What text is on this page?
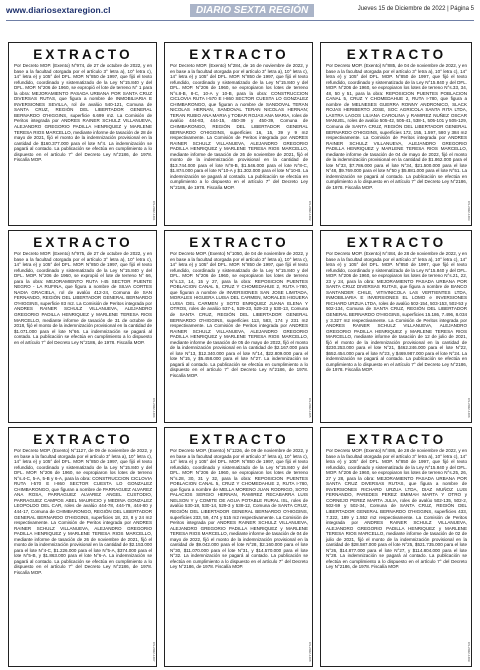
www.diariosextaregion.cl	DIARIO SEXTA REGIÓN	Jueves 15 de Diciembre de 2022 | Página 5
EXTRACTO

Por Decreto MOP. (Exento) N°974, de 27 de octubre de 2022, y en base a la facultad otorgada por el artículo 3° letra a), 10° letra c), 14° letra e) y 105° del DFL. MOP. N°850 de 1997, que fijó el texto refundido, coordinado y sistematizado de la Ley N°15.840 y del DFL. MOP. N°206 de 1960, se expropió el lote de terreno N° 1 para la obra: MEJORAMIENTO PASADA URBANA POR SANTA CRUZ DIVERSAS RUTAS, que figura a nombre de INMOBILIARIA E INVERSIONES SEVILLA, rol de avalúo 540-121, Comuna de SANTA CRUZ, REGIÓN DEL LIBERTADOR GENERAL BERNARDO O'HIGGINS, superficie 6.699 m2. La Comisión de Peritos integrada por ANDRES RAINER SCHULZ VILLANUEVA, ALEJANDRO GREGORIO PADILLA HENRIQUEZ y MARLENE TERESA RIOS MARCELLO, mediante informe de tasación de 28 de mayo de 2021, fijó el monto de la indemnización provisional en la cantidad de $160.377.000 para el lote N°4. La indemnización se pagará al contado. La publicación se efectúa en cumplimiento a lo dispuesto en el artículo 7° del Decreto Ley N°2186, de 1978. Fiscalía MOP.

CS-2022-1401
EXTRACTO

Por Decreto MOP. (Exento) N°284, de 16 de noviembre de 2022, y en base a la facultad otorgada por el artículo 3° letra a), 10° letra c), 14° letra e) y 105° del DFL. MOP. N°850 de 1997, que fijó el texto refundido, coordinado y sistematizado de la Ley N°15.840 y del DFL. MOP. N°206 de 1960, se expropiaron los lotes de terreno N°s.8-B, 8-C, 10-A y 10-B, para la obra: CONSTRUCCION CICLOVIA RUTA I-570 E I-860 SECTOR CUESTA LO GONZALEZ CHIMBARONGO, que figuran a nombre de SANDOVAL TERAN NICOLAS HERNAN, SANDOVAL TERAN NICOLAS HERNAN; TERAN RUBIO ANA MARIA y TOBAR ROJAS ANA MARIA, roles de avalúo 444-83, 444-15, 450-39 y 450-39, Comuna de CHIMBARONGO, REGIÓN DEL LIBERTADOR GENERAL BERNARDO O'HIGGINS, superficies 16, 15, 39 y 9 m2 respectivamente. La Comisión de Peritos integrada por ANDRES RAINER SCHULZ VILLANUEVA, ALEJANDRO GREGORIO PADILLA HENRIQUEZ y MARLENE TERESA RIOS MARCELLO, mediante informe de tasación de 26 de noviembre de 2021, fijó el monto de la indemnización provisional en la cantidad de $13.744.000 para el lote N°8-B, $1.546.000 para el lote N°8-C, $1.874.000 para el lote N°10-A y $1.302.000 para el lote N°10-B. La indemnización se pagará al contado. La publicación se efectúa en cumplimiento a lo dispuesto en el artículo 7° del Decreto Ley N°2186, de 1978. Fiscalía MOP.

CS-2022-1402
EXTRACTO

Por Decreto MOP. (Exento) N°885, de 04 de noviembre de 2022, y en base a la facultad otorgada por el artículo 3° letra a), 10° letra c), 14° letra e) y 105° del DFL. MOP. N°850 de 1997, que fijó el texto refundido, coordinado y sistematizado de la Ley N°15.840 y del DFL. MOP. N°206 de 1960, se expropiaron los lotes de terreno N°s.33, 34, 48, 50 y 51, para la obra: REPOSICION PUENTES POBLACION CANAL 5, CRUZ Y CHOMEDAHUE 2, RUTA I-780, que figura a nombre de MELNESES GUERRA RONNY ANDRONICO, SLACK ROJAS HERIBERTO JOSE, SOC AGRICOLA SANTA RITA LTDA, LASTRA LAGOS LILIANA CAROLINA y RAMIREZ NUÑEZ OSCAR MANUEL, roles de avalúo 505-42, 505-41, 538-1, 505-101 y 505-129, Comuna de SANTA CRUZ, REGIÓN DEL LIBERTADOR GENERAL BERNARDO O'HIGGINS, superficies 172, 155, 1.597, 580 y 384 m2 respectivamente. La Comisión de Peritos integrada por ANDRES RAINER SCHULZ VILLANUEVA, ALEJANDRO GREGORIO PADILLA HENRIQUEZ y MARLENE TERESA RIOS MARCELLO, mediante informe de tasación de 04 de mayo de 2022, fijó el monto de la indemnización provisional en la cantidad de $1.862.000 para el lote N°33, $7.786.000 para el lote N°34, $21.500.000 para el lote N°48, $9.769.000 para el lote N°50 y $5.881.000 para el lote N°51. La indemnización se pagará al contado. La publicación se efectúa en cumplimiento a lo dispuesto en el artículo 7° del Decreto Ley N°2186, de 1978. Fiscalía MOP.

CS-2022-1403
EXTRACTO

Por Decreto MOP. (Exento) N°975, de 27 de octubre de 2022, y en base a la facultad otorgada por el artículo 3° letra a), 10° letra c), 14° letra e) y 105° del DFL. MOP. N°850 de 1997, que fijó el texto refundido, coordinado y sistematizado de la Ley N°15.840 y del DFL. MOP. N°206 de 1960, se expropió el lote de terreno N° 66, para la obra: MEJORAMIENTO RUTA I-45 SECTOR PUENTE NEGRO - LA RUFINA, que figura a nombre de SILVA CORTES NADIA GRACIELA, rol de avalúo 412-24, Comuna de SAN FERNANDO, REGIÓN DEL LIBERTADOR GENERAL BERNARDO O'HIGGINS, superficie 83 m2. La Comisión de Peritos integrada por ANDRES RAINER SCHULZ VILLANUEVA, ALEJANDRO GREGORIO PADILLA HENRIQUEZ y MARLENE TERESA RIOS MARCELLO, mediante informe de tasación de 31 de octubre de 2018, fijó el monto de la indemnización provisional en la cantidad de $1.071.000 para el lote N°66. La indemnización se pagará al contado. La publicación se efectúa en cumplimiento a lo dispuesto en el artículo 7° del Decreto Ley N°2186, de 1978. Fiscalía MOP.

CS-2022-1404
EXTRACTO

Por Decreto MOP. (Exento) N°1050, de 04 de noviembre de 2022, y en base a la facultad otorgada por el artículo 3° letra a), 10° letra c), 14° letra e) y 105° del DFL. MOP. N°850 de 1997, que fijó el texto refundido, coordinado y sistematizado de la Ley N°15.840 y del DFL. MOP. N°206 de 1960, se expropiaron los lotes de terreno N°s.13, 14, 15 y 27, para la obra: REPOSICION PUENTES POBLACION CANAL 5, CRUZ Y CHOMEDAHUE 2, RUTA I-780, que figuran a nombre de INVERSIONES SAN JOSE LIMITADA, MORALES HIGUERA LUISA DEL CARMEN, MORALES HIGUERA LUISA DEL CARMEN y SOTO ENRIQUEZ JUANA ELENA Y OTROS, roles de avalúo 537-1, 529-23, 529-23 y 530-13, Comuna de SANTA CRUZ, REGIÓN DEL LIBERTADOR GENERAL BERNARDO O'HIGGINS, superficies 113, 583, 174 y 231 m2 respectivamente. La Comisión de Peritos integrada por ANDRES RAINER SCHULZ VILLANUEVA, ALEJANDRO GREGORIO PADILLA HENRIQUEZ y MARLENE TERESA RIOS MARCELLO, mediante informe de tasación de 05 de mayo de 2022, fijó el monto de la indemnización provisional en la cantidad de $2.167.000 para el lote N°13, $12.340.000 para el lote N°14, $22.809.000 para el lote N°15, y $5.458.000 para el lote N°27. La indemnización se pagará al contado. La publicación se efectúa en cumplimiento a lo dispuesto en el artículo 7° del Decreto Ley N°2186, de 1978. Fiscalía MOP.

CS-2022-1405
EXTRACTO

Por Decreto MOP. (Exento) N°484, de 28 de noviembre de 2022, y en base a la facultad otorgada por el artículo 3° letra a), 10° letra c), 14° letra e) y 105° del DFL. MOP. N°850 de 1997, que fijó el texto refundido, coordinado y sistematizado de la Ley N°15.840 y del DFL. MOP. N°206 de 1960, se expropiaron los lotes de terreno N°s.21, 22, 23 y 24, para la obra: MEJORAMIENTO PASADA URBANA POR SANTA CRUZ DIVERSAS RUTAS, que figura a nombre de BANCO SANTANDER CHILE, VITIVINICOLA LAS VERTIENTES LTDA, INMOBILIARIA E INVERSIONES EL LOMO e INVERSIONES RICHARD URZUA LTDA, roles de avalúo 502-154, 503-153, 502-53 y 502-134, Comuna de SANTA CRUZ, REGIÓN DEL LIBERTADOR GENERAL BERNARDO O'HIGGINS, superficies 15.186, 7.496, 8.034 y 3.327 m2 respectivamente. La Comisión de Peritos integrada por ANDRES RAINER SCHULZ VILLANUEVA, ALEJANDRO GREGORIO PADILLA HENRIQUEZ y MARLENE TERESA RIOS MARCELLO, mediante informe de tasación de 12 de julio de 2021, fijó el monto de la indemnización provisional en la cantidad de $230.253.000 para el lote N°21, $462.246.000 para el lote N°22, $652.454.000 para el lote N°23, y $469.987.000 para el lote N°24. La indemnización se pagará al contado. La publicación se efectúa en cumplimiento a lo dispuesto en el artículo 7° del Decreto Ley N°2186, de 1978. Fiscalía MOP.

CS-2022-1406
EXTRACTO

Por Decreto MOP. (Exento) N°1127, de 09 de noviembre de 2022, y en base a la facultad otorgada por el artículo 3° letra a), 10° letra c), 14° letra e) y 105° del DFL. MOP. N°850 de 1997, que fijó el texto refundido, coordinado y sistematizado de la Ley N°15.840 y del DFL. MOP. N°206 de 1960, se expropiaron los lotes de terreno N°s.4-C, 5-A, 5-B y 6-A, para la obra: CONSTRUCCION CICLOVIA RUTA I-570 E I-860 SECTOR CUESTA LO GONZALEZ CHIMBARONGO, que figuran a nombre de PARRAGUEZ ALVAREZ ANA ROSA, PARRAGUEZ ALVAREZ ANGEL CUSTODIO, PARRAGUEZ CAMPOS ABEL MAURICIO y MEDINA GONZALEZ LEOPOLDO DEL CAR, roles de avalúo 444-78, 444-79, 444-80 y 444-17, Comuna de CHIMBARONGO, REGIÓN DEL LIBERTADOR GENERAL BERNARDO O'HIGGINS, superficies 18, 23, 8 y 24 m2 respectivamente. La Comisión de Peritos integrada por ANDRES RAINER SCHULZ VILLANUEVA, ALEJANDRO GREGORIO PADILLA HENRIQUEZ y MARLENE TERESA RIOS MARCELLO, mediante informe de tasación de 26 de noviembre de 2021, fijó el monto de la indemnización provisional en la cantidad de $2.153.000 para el lote N°4-C, $1.226.000 para el lote N°5-A, $374.000 para el lote N°5-B, y $1.863.000 para el lote N°6-A. La indemnización se pagará al contado. La publicación se efectúa en cumplimiento a lo dispuesto en el artículo 7° del Decreto Ley N°2186, de 1978. Fiscalía MOP.

CS-2022-1407
EXTRACTO

Por Decreto MOP. (Exento) N°1226, de 09 de noviembre de 2022, y en base a la facultad otorgada por el artículo 3° letra a), 10° letra c), 14° letra e) y 105° del DFL. MOP. N°850 de 1997, que fijó el texto refundido, coordinado y sistematizado de la Ley N°15.840 y del DFL. MOP. N°206 de 1960, se expropiaron los lotes de terreno N°s.28, 30, 31 y 32, para la obra: REPOSICION PUENTES POBLACION CANAL 5, CRUZ Y CHOMEDAHUE 2, RUTA I-780, que figura a nombre de MELLA MORENO JUAN RODRIGO, SOTO PALACIOS SERGIO HERNAN, RAMIREZ RECABARRA LUIS NELSON Y y COMITE DE AGUA POTABLE RURAL ISL, roles de avalúo 530-18, 530-14, 529-3 y 538-12, Comuna de SANTA CRUZ, REGIÓN DEL LIBERTADOR GENERAL BERNARDO O'HIGGINS, superficies 233, 59, 474 y 515 m2 respectivamente. La Comisión de Peritos integrada por ANDRES RAINER SCHULZ VILLANUEVA, ALEJANDRO GREGORIO PADILLA HENRIQUEZ y MARLENE TERESA RIOS MARCELLO, mediante informe de tasación de 04 de mayo de 2022, fijó el monto de la indemnización provisional en la cantidad de $9.042.000 para el lote N°28, $2.160.000 para el lote N°30, $11.070.000 para el lote N°31, y $14.570.000 para el lote N°32. La indemnización se pagará al contado. La publicación se efectúa en cumplimiento a lo dispuesto en el artículo 7° del Decreto Ley N°2186, de 1978. Fiscalía MOP.

CS-2022-1408
EXTRACTO

Por Decreto MOP. (Exento) N°486, de 28 de noviembre de 2022, y en base a la facultad otorgada por el artículo 3° letra a), 10° letra c), 14° letra e) y 105° del DFL. MOP. N°850 de 1997, que fijó el texto refundido, coordinado y sistematizado de la Ley N°15.840 y del DFL. MOP. N°206 de 1960, se expropiaron los lotes de terreno N°s.25, 26, 27 y 28, para la obra: MEJORAMIENTO PASADA URBANA POR SANTA CRUZ DIVERSAS RUTAS, que figura a nombre de INVERSIONES RICHARD URZUA LTDA, DIAZ MUÑOZ LUIS FERNANDO, PAREDES PEREZ EMIMAH MARTA Y OTRO y CORNEJO PEREZ MARTA JULIA, roles de avalúo 502-135, 502-2, 502-59 y 502-34, Comuna de SANTA CRUZ, REGIÓN DEL LIBERTADOR GENERAL BERNARDO O'HIGGINS, superficies 433, 7.322, 189 y 1.552 m2 respectivamente. La Comisión de Peritos integrada por ANDRES RAINER SCHULZ VILLANUEVA, ALEJANDRO GREGORIO PADILLA HENRIQUEZ y MARLENE TERESA RIOS MARCELLO, mediante informe de tasación de 02 de julio de 2021, fijó el monto de la indemnización provisional en la cantidad de $28.587.000 para el lote N°25, $521.735.000 para el lote N°26, $14.877.000 para el lote N°27, y $114.804.000 para el lote N°28. La indemnización se pagará al contado. La publicación se efectúa en cumplimiento a lo dispuesto en el artículo 7° del Decreto Ley N°2186, de 1978. Fiscalía MOP.

CS-2022-1409
